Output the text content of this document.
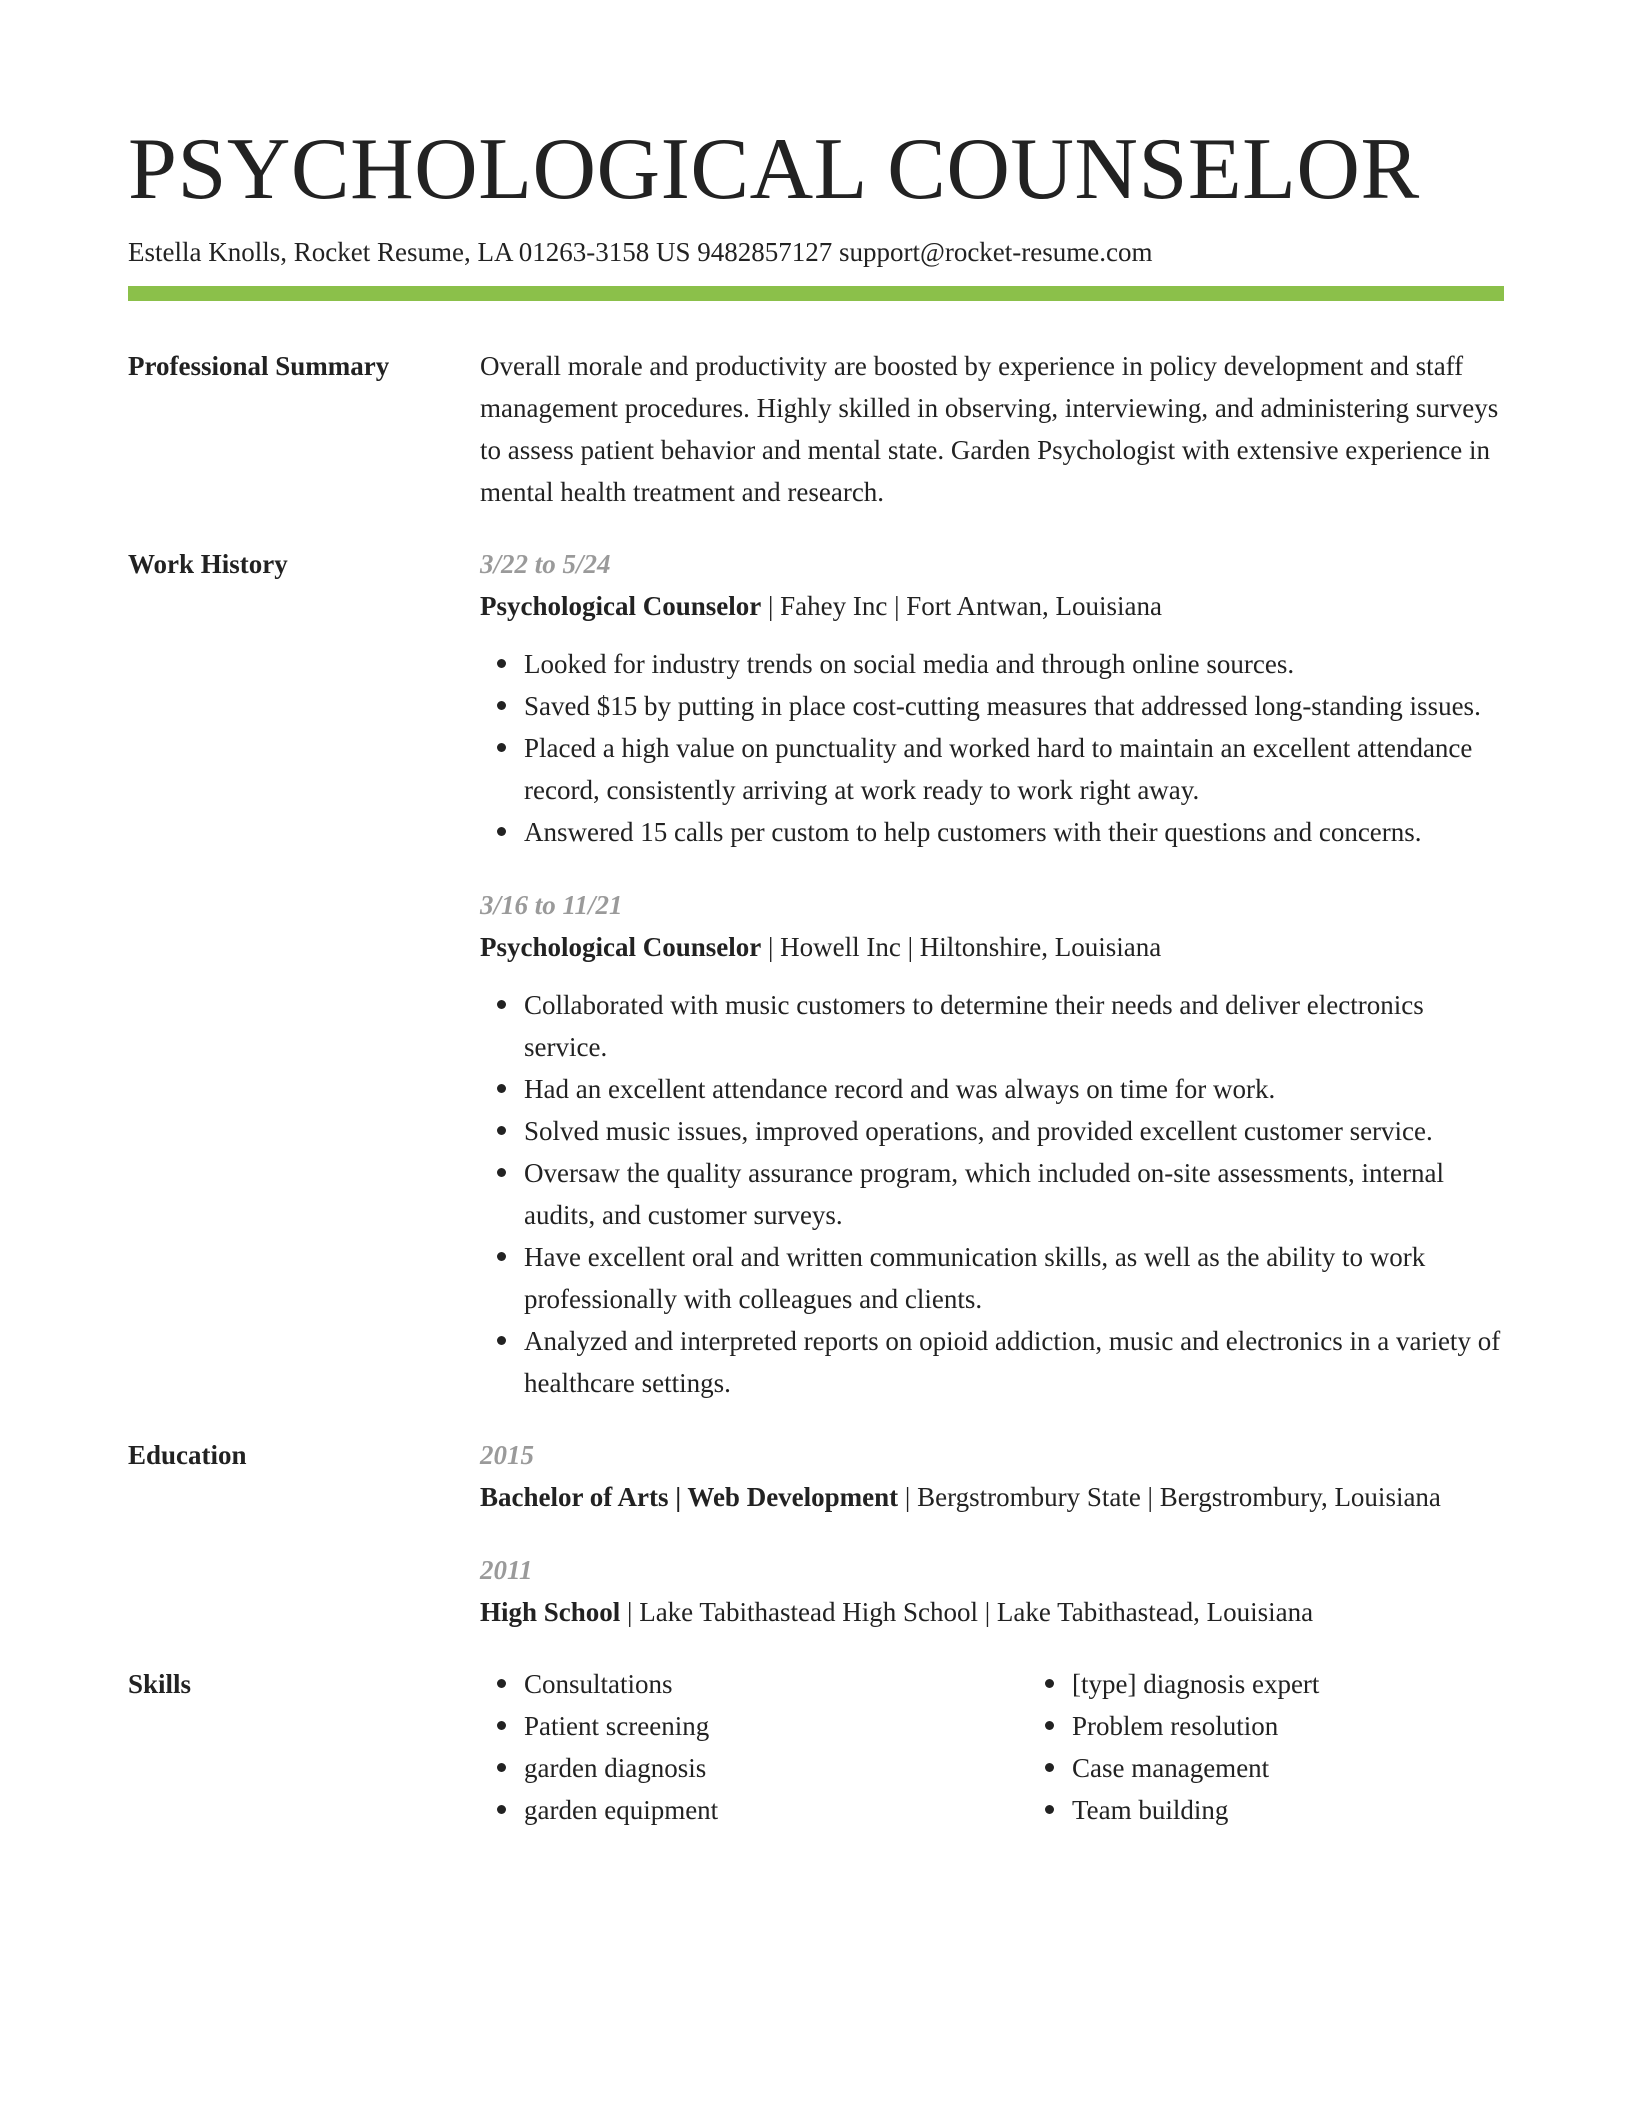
PSYCHOLOGICAL COUNSELOR
Estella Knolls, Rocket Resume, LA 01263-3158 US 9482857127 support@rocket-resume.com
Professional Summary	Overall morale and productivity are boosted by experience in policy development and staff management procedures. Highly skilled in observing, interviewing, and administering surveys to assess patient behavior and mental state. Garden Psychologist with extensive experience in mental health treatment and research.
Work History	3/22 to 5/24
Psychological Counselor | Fahey Inc | Fort Antwan, Louisiana
Looked for industry trends on social media and through online sources.
Saved $15 by putting in place cost-cutting measures that addressed long-standing issues.
Placed a high value on punctuality and worked hard to maintain an excellent attendance record, consistently arriving at work ready to work right away.
Answered 15 calls per custom to help customers with their questions and concerns.
3/16 to 11/21
Psychological Counselor | Howell Inc | Hiltonshire, Louisiana
Collaborated with music customers to determine their needs and deliver electronics service.
Had an excellent attendance record and was always on time for work.
Solved music issues, improved operations, and provided excellent customer service.
Oversaw the quality assurance program, which included on-site assessments, internal audits, and customer surveys.
Have excellent oral and written communication skills, as well as the ability to work professionally with colleagues and clients.
Analyzed and interpreted reports on opioid addiction, music and electronics in a variety of healthcare settings.
Education	2015
Bachelor of Arts | Web Development | Bergstrombury State | Bergstrombury, Louisiana
2011
High School | Lake Tabithastead High School | Lake Tabithastead, Louisiana
Skills	Consultations
Patient screening
garden diagnosis
garden equipment
[type] diagnosis expert
Problem resolution
Case management
Team building
